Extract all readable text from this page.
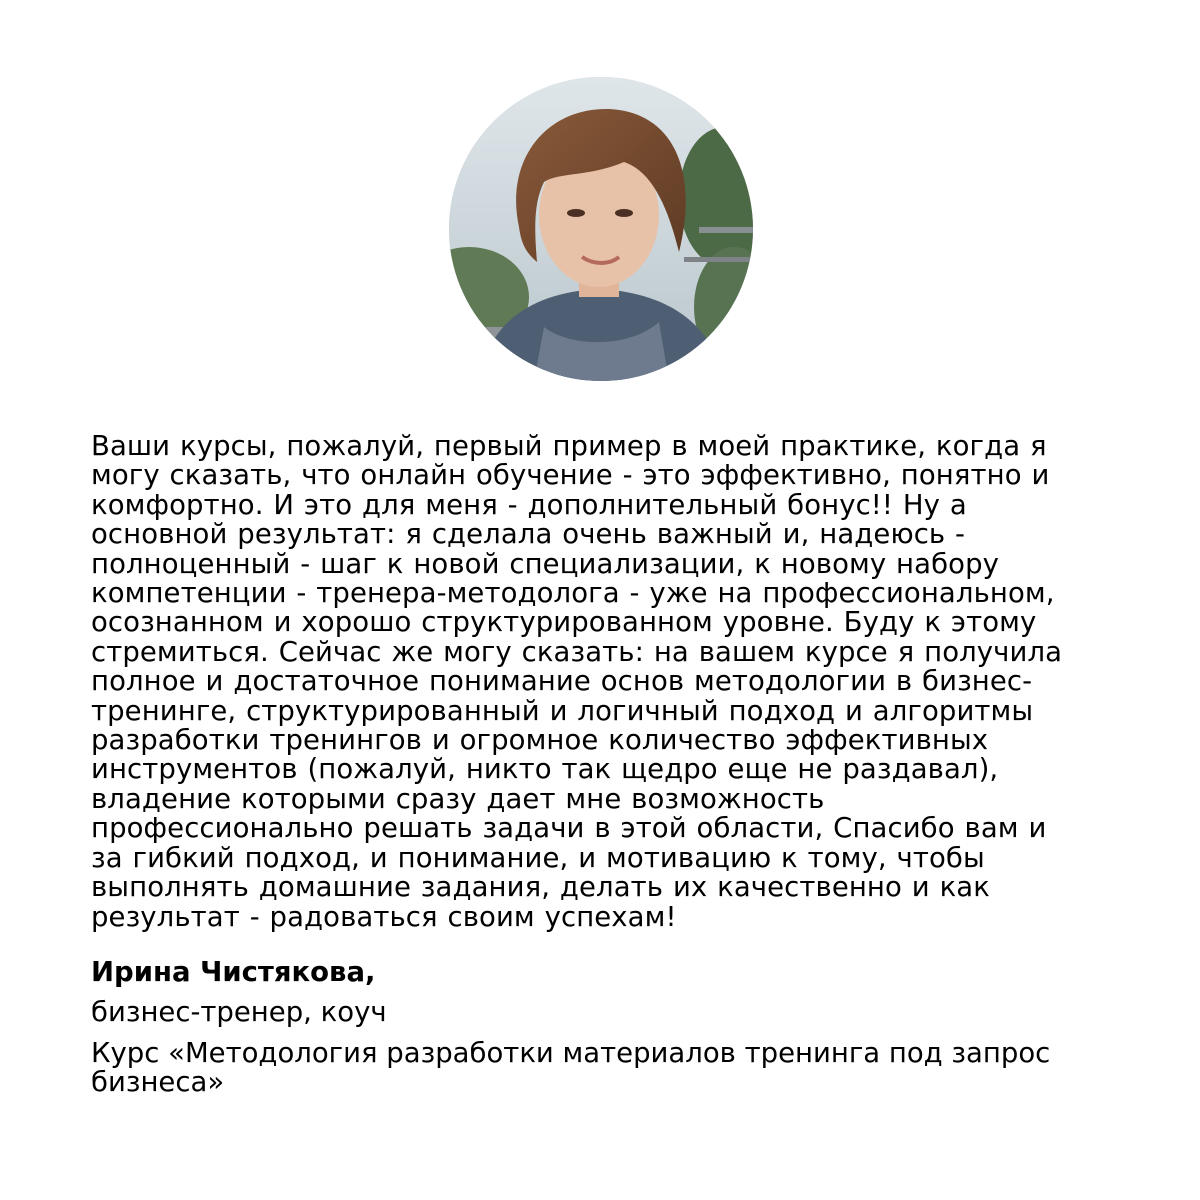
Ваши курсы, пожалуй, первый пример в моей практике, когда я
могу сказать, что онлайн обучение - это эффективно, понятно и
комфортно. И это для меня - дополнительный бонус!! Ну а
основной результат: я сделала очень важный и, надеюсь -
полноценный - шаг к новой специализации, к новому набору
компетенции - тренера-методолога - уже на профессиональном,
осознанном и хорошо структурированном уровне. Буду к этому
стремиться. Сейчас же могу сказать: на вашем курсе я получила
полное и достаточное понимание основ методологии в бизнес-
тренинге, структурированный и логичный подход и алгоритмы
разработки тренингов и огромное количество эффективных
инструментов (пожалуй, никто так щедро еще не раздавал),
владение которыми сразу дает мне возможность
профессионально решать задачи в этой области, Спасибо вам и
за гибкий подход, и понимание, и мотивацию к тому, чтобы
выполнять домашние задания, делать их качественно и как
результат - радоваться своим успехам!

Ирина Чистякова,

бизнес-тренер, коуч

Курс «Методология разработки материалов тренинга под запрос
бизнеса»
